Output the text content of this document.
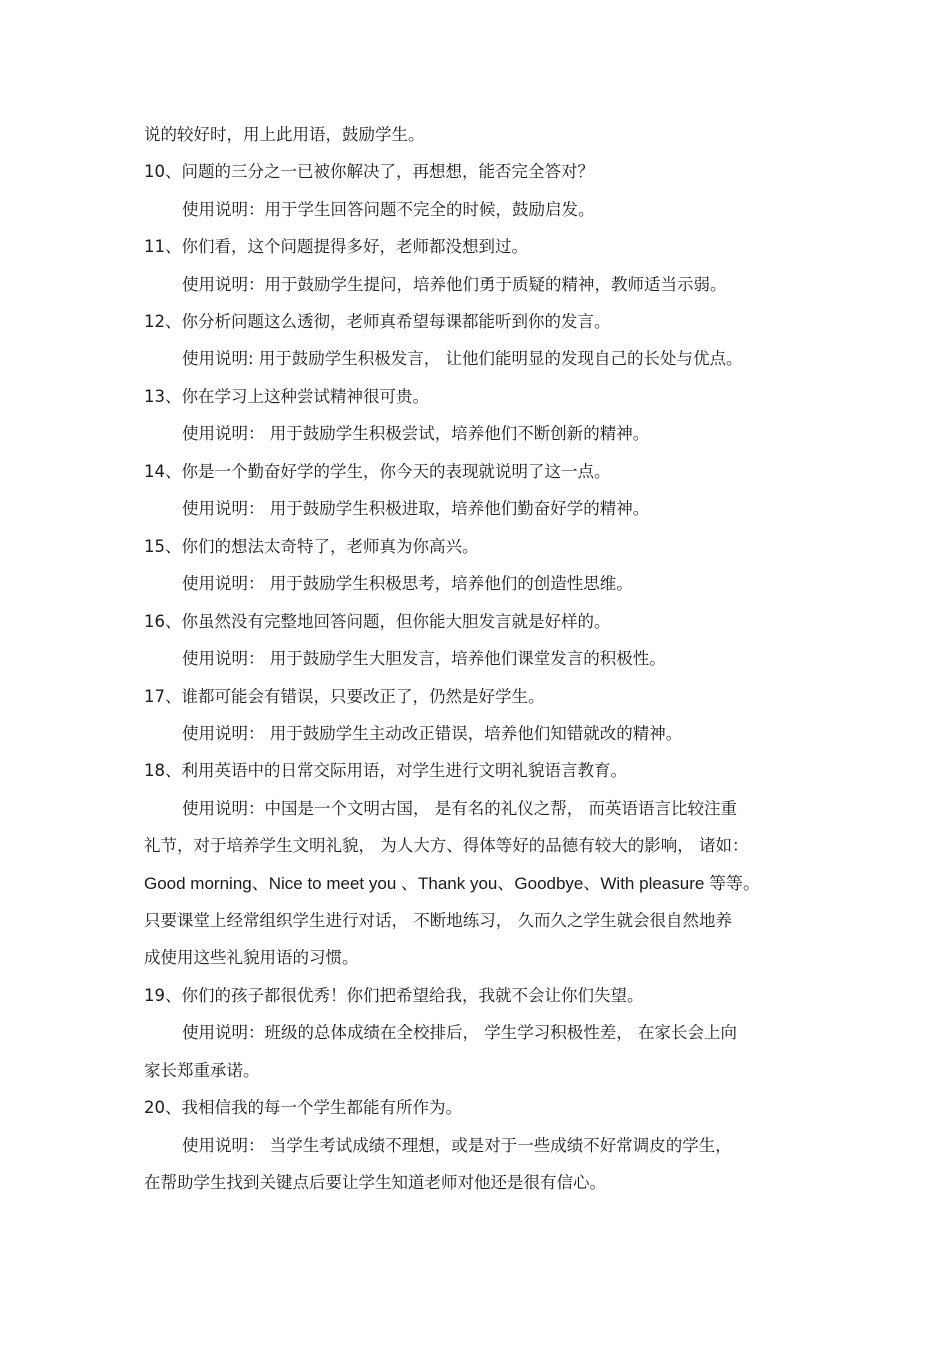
说的较好时，用上此用语，鼓励学生。
10、问题的三分之一已被你解决了，再想想，能否完全答对？
使用说明：用于学生回答问题不完全的时候，鼓励启发。
11、你们看，这个问题提得多好，老师都没想到过。
使用说明：用于鼓励学生提问，培养他们勇于质疑的精神，教师适当示弱。
12、你分析问题这么透彻，老师真希望每课都能听到你的发言。
使用说明: 用于鼓励学生积极发言， 让他们能明显的发现自己的长处与优点。
13、你在学习上这种尝试精神很可贵。
使用说明： 用于鼓励学生积极尝试，培养他们不断创新的精神。
14、你是一个勤奋好学的学生，你今天的表现就说明了这一点。
使用说明： 用于鼓励学生积极进取，培养他们勤奋好学的精神。
15、你们的想法太奇特了，老师真为你高兴。
使用说明： 用于鼓励学生积极思考，培养他们的创造性思维。
16、你虽然没有完整地回答问题，但你能大胆发言就是好样的。
使用说明： 用于鼓励学生大胆发言，培养他们课堂发言的积极性。
17、谁都可能会有错误，只要改正了，仍然是好学生。
使用说明： 用于鼓励学生主动改正错误，培养他们知错就改的精神。
18、利用英语中的日常交际用语，对学生进行文明礼貌语言教育。
使用说明：中国是一个文明古国， 是有名的礼仪之帮， 而英语语言比较注重
礼节，对于培养学生文明礼貌， 为人大方、得体等好的品德有较大的影响， 诸如：
Good morning、Nice to meet you 、Thank you、Goodbye、With pleasure 等等。
只要课堂上经常组织学生进行对话， 不断地练习， 久而久之学生就会很自然地养
成使用这些礼貌用语的习惯。
19、你们的孩子都很优秀！你们把希望给我，我就不会让你们失望。
使用说明：班级的总体成绩在全校排后， 学生学习积极性差， 在家长会上向
家长郑重承诺。
20、我相信我的每一个学生都能有所作为。
使用说明： 当学生考试成绩不理想，或是对于一些成绩不好常调皮的学生，
在帮助学生找到关键点后要让学生知道老师对他还是很有信心。
